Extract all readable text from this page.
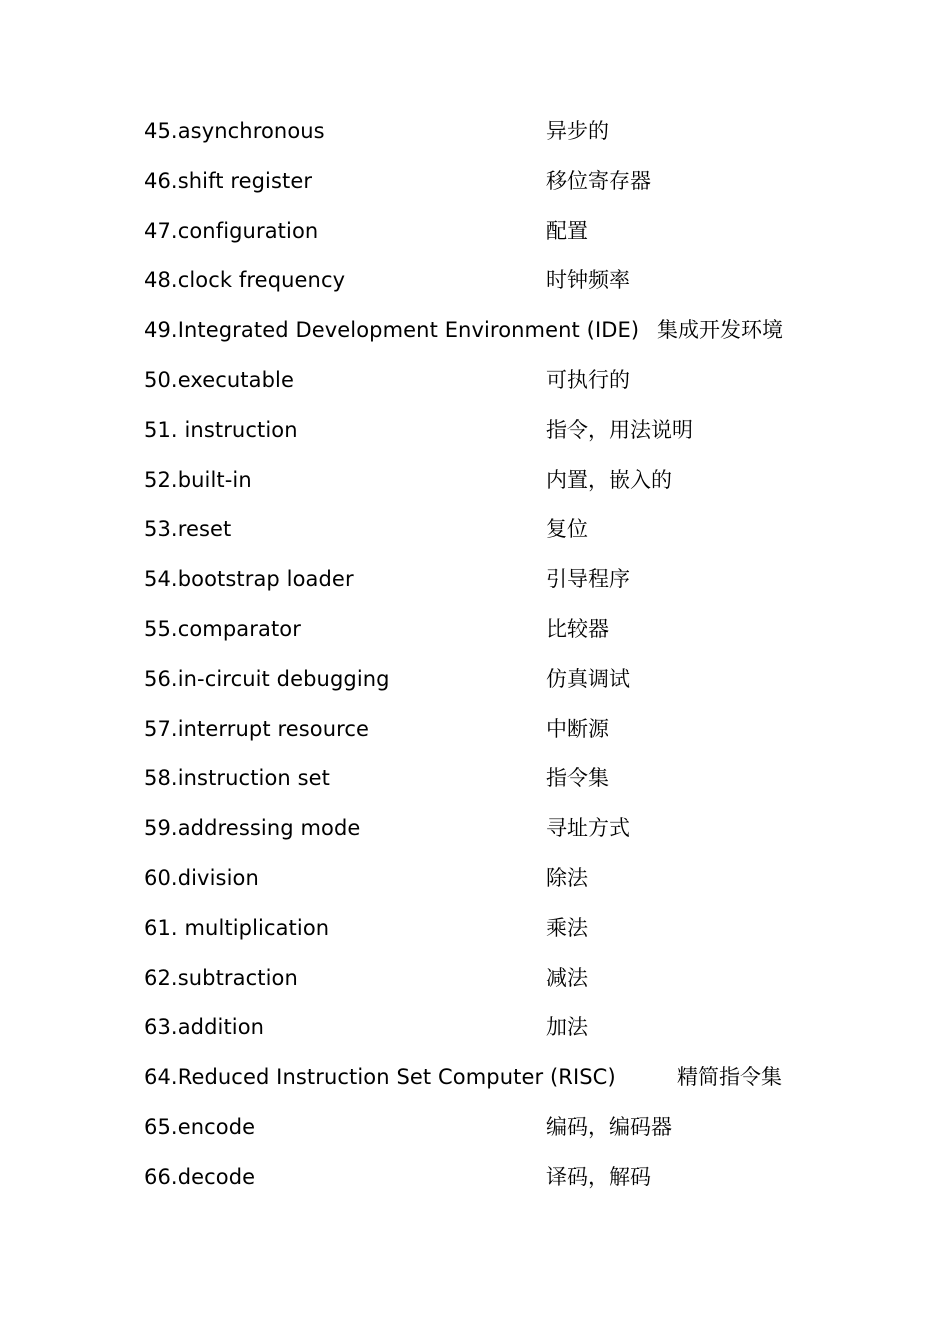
45.asynchronous	异步的
46.shift register	移位寄存器
47.configuration	配置
48.clock frequency	时钟频率
49.Integrated Development Environment (IDE) 集成开发环境
50.executable	可执行的
51. instruction	指令，用法说明
52.built-in	内置，嵌入的
53.reset	复位
54.bootstrap loader	引导程序
55.comparator	比较器
56.in-circuit debugging	仿真调试
57.interrupt resource	中断源
58.instruction set	指令集
59.addressing mode	寻址方式
60.division	除法
61. multiplication	乘法
62.subtraction	减法
63.addition	加法
64.Reduced Instruction Set Computer (RISC)	精简指令集
65.encode	编码，编码器
66.decode	译码，解码
